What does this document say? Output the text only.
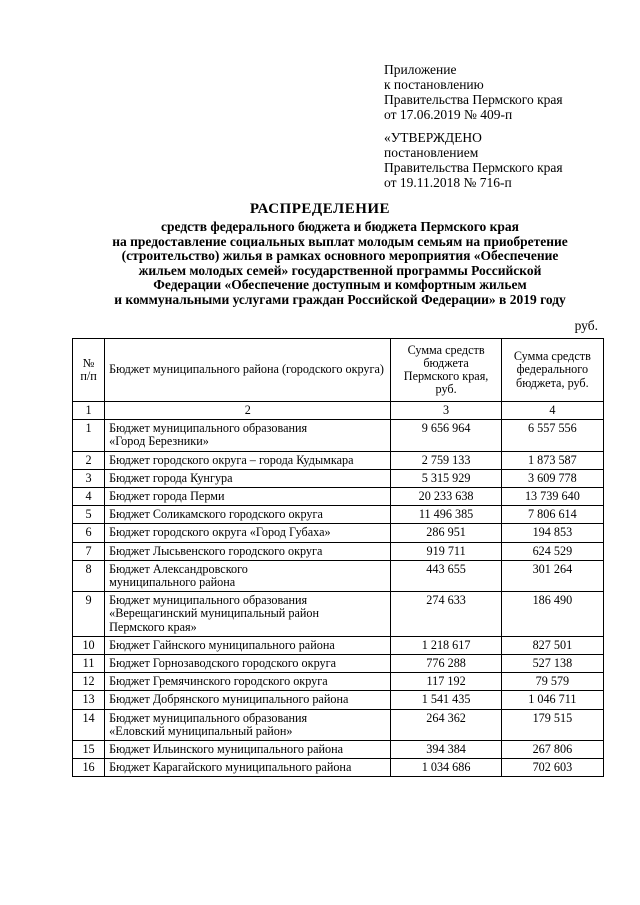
Приложение
к постановлению
Правительства Пермского края
от 17.06.2019 № 409-п
«УТВЕРЖДЕНО
постановлением
Правительства Пермского края
от 19.11.2018 № 716-п
РАСПРЕДЕЛЕНИЕ
средств федерального бюджета и бюджета Пермского края
на предоставление социальных выплат молодым семьям на приобретение
(строительство) жилья в рамках основного мероприятия «Обеспечение
жильем молодых семей» государственной программы Российской
Федерации «Обеспечение доступным и комфортным жильем
и коммунальными услугами граждан Российской Федерации» в 2019 году
руб.
№ п/п	Бюджет муниципального района (городского округа)	Сумма средств бюджета Пермского края, руб.	Сумма средств федерального бюджета, руб.
1	2	3	4
1	Бюджет муниципального образования
«Город Березники»	9 656 964	6 557 556
2	Бюджет городского округа – города Кудымкара	2 759 133	1 873 587
3	Бюджет города Кунгура	5 315 929	3 609 778
4	Бюджет города Перми	20 233 638	13 739 640
5	Бюджет Соликамского городского округа	11 496 385	7 806 614
6	Бюджет городского округа «Город Губаха»	286 951	194 853
7	Бюджет Лысьвенского городского округа	919 711	624 529
8	Бюджет Александровского
муниципального района	443 655	301 264
9	Бюджет муниципального образования
«Верещагинский муниципальный район
Пермского края»	274 633	186 490
10	Бюджет Гайнского муниципального района	1 218 617	827 501
11	Бюджет Горнозаводского городского округа	776 288	527 138
12	Бюджет Гремячинского городского округа	117 192	79 579
13	Бюджет Добрянского муниципального района	1 541 435	1 046 711
14	Бюджет муниципального образования
«Еловский муниципальный район»	264 362	179 515
15	Бюджет Ильинского муниципального района	394 384	267 806
16	Бюджет Карагайского муниципального района	1 034 686	702 603
